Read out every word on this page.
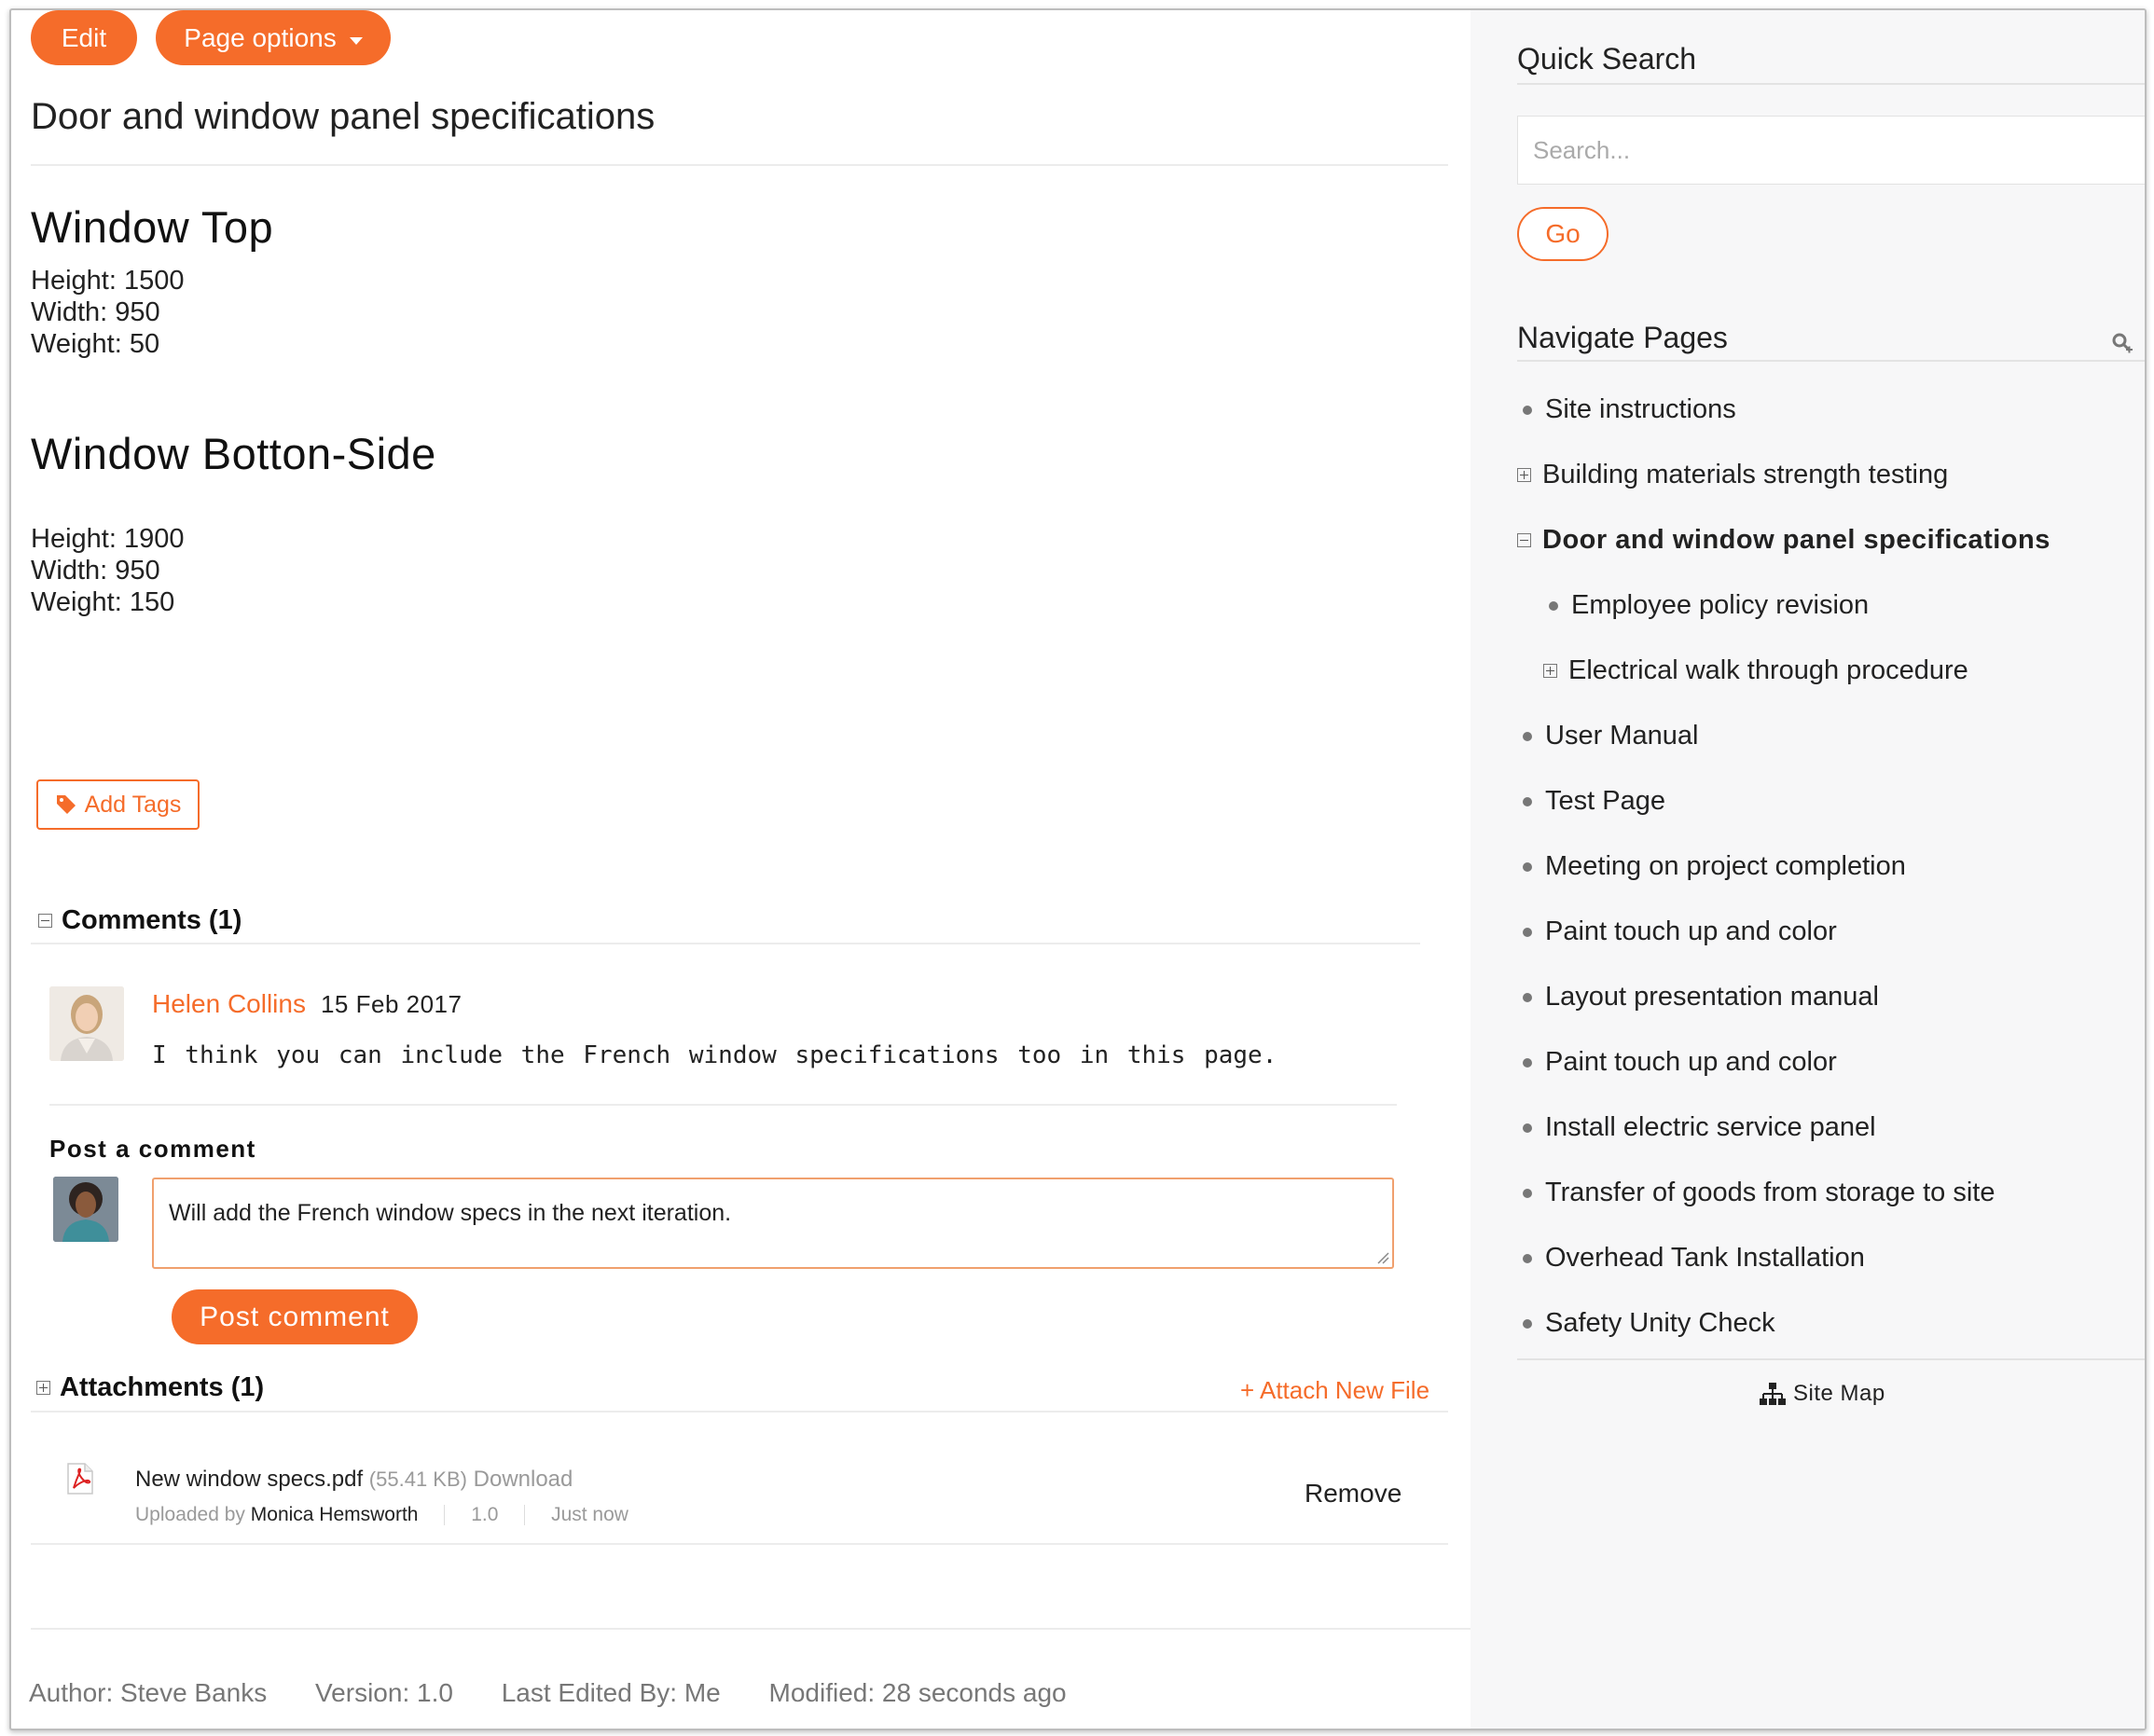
Edit	Page options
Door and window panel specifications
Window Top
Height: 1500
Width: 950
Weight: 50
Window Botton-Side
Height: 1900
Width: 950
Weight: 150
Add Tags
Comments (1)
Helen Collins 15 Feb 2017
I think you can include the French window specifications too in this page.
Post a comment
Will add the French window specs in the next iteration.
Post comment
Attachments (1)	+ Attach New File
New window specs.pdf (55.41 KB) Download
Uploaded by Monica Hemsworth	1.0	Just now
Remove
Author: Steve Banks Version: 1.0 Last Edited By: Me Modified: 28 seconds ago
Quick Search
Search...
Go
Navigate Pages
Site instructions
Building materials strength testing
Door and window panel specifications
Employee policy revision
Electrical walk through procedure
User Manual
Test Page
Meeting on project completion
Paint touch up and color
Layout presentation manual
Paint touch up and color
Install electric service panel
Transfer of goods from storage to site
Overhead Tank Installation
Safety Unity Check
Site Map
